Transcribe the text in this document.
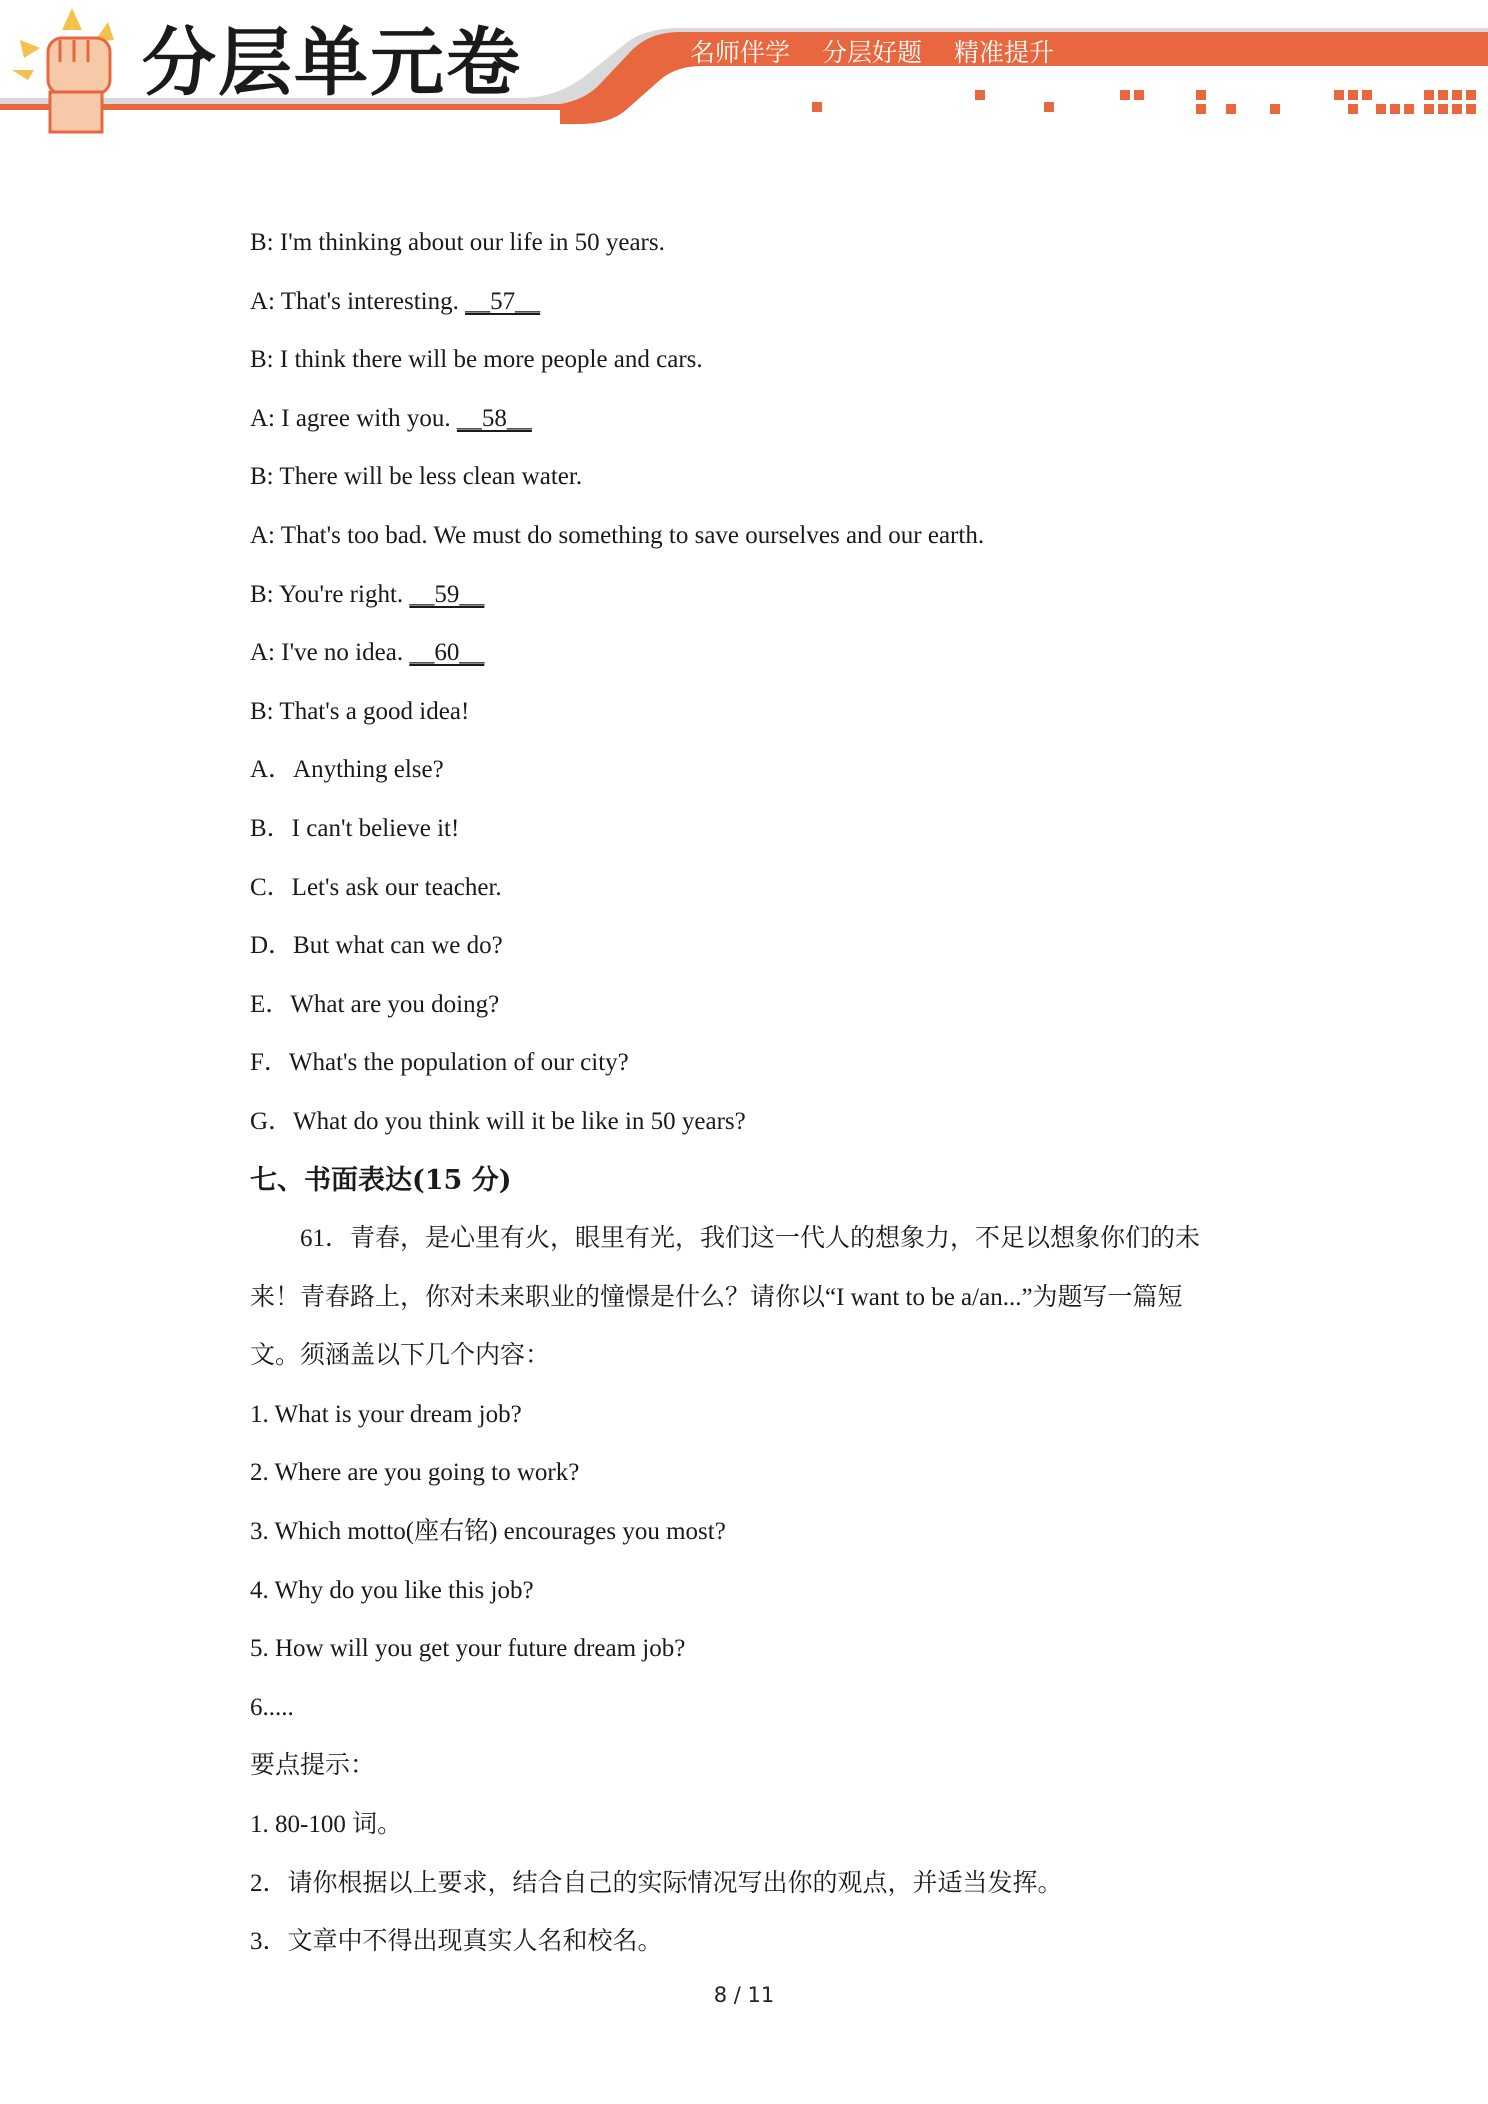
分层单元卷	名师伴学 分层好题 精准提升
B: I'm thinking about our life in 50 years.
A: That's interesting. __57__
B: I think there will be more people and cars.
A: I agree with you. __58__
B: There will be less clean water.
A: That's too bad. We must do something to save ourselves and our earth.
B: You're right. __59__
A: I've no idea. __60__
B: That's a good idea!
A．Anything else?
B．I can't believe it!
C．Let's ask our teacher.
D．But what can we do?
E．What are you doing?
F．What's the population of our city?
G．What do you think will it be like in 50 years?
七、书面表达(15 分)
61．青春，是心里有火，眼里有光，我们这一代人的想象力，不足以想象你们的未
来！青春路上，你对未来职业的憧憬是什么？请你以“I want to be a/an...”为题写一篇短
文。须涵盖以下几个内容：
1. What is your dream job?
2. Where are you going to work?
3. Which motto(座右铭) encourages you most?
4. Why do you like this job?
5. How will you get your future dream job?
6.....
要点提示：
1. 80-100 词。
2．请你根据以上要求，结合自己的实际情况写出你的观点，并适当发挥。
3．文章中不得出现真实人名和校名。
8 / 11
